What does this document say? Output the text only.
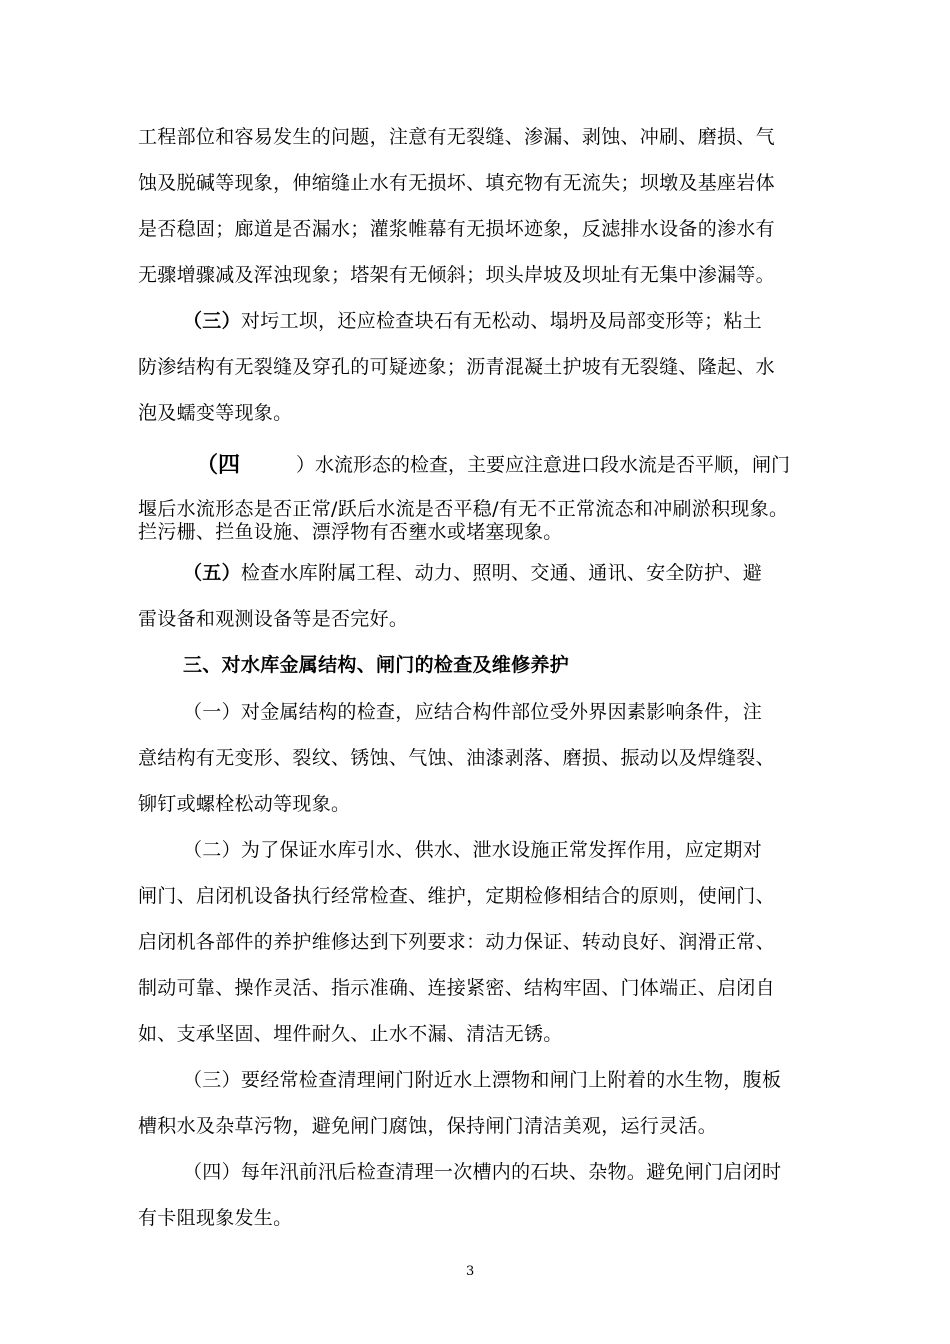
工程部位和容易发生的问题，注意有无裂缝、渗漏、剥蚀、冲刷、磨损、气
蚀及脱碱等现象，伸缩缝止水有无损坏、填充物有无流失；坝墩及基座岩体
是否稳固；廊道是否漏水；灌浆帷幕有无损坏迹象，反滤排水设备的渗水有
无骤增骤减及浑浊现象；塔架有无倾斜；坝头岸坡及坝址有无集中渗漏等。
（三）对圬工坝，还应检查块石有无松动、塌坍及局部变形等；粘土
防渗结构有无裂缝及穿孔的可疑迹象；沥青混凝土护坡有无裂缝、隆起、水
泡及蠕变等现象。
（四	）水流形态的检查，主要应注意进口段水流是否平顺，闸门
堰后水流形态是否正常/跃后水流是否平稳/有无不正常流态和冲刷淤积现象。
拦污栅、拦鱼设施、漂浮物有否壅水或堵塞现象。
（五）检查水库附属工程、动力、照明、交通、通讯、安全防护、避
雷设备和观测设备等是否完好。
三、对水库金属结构、闸门的检查及维修养护
（一）对金属结构的检查，应结合构件部位受外界因素影响条件，注
意结构有无变形、裂纹、锈蚀、气蚀、油漆剥落、磨损、振动以及焊缝裂、
铆钉或螺栓松动等现象。
（二）为了保证水库引水、供水、泄水设施正常发挥作用，应定期对
闸门、启闭机设备执行经常检查、维护，定期检修相结合的原则，使闸门、
启闭机各部件的养护维修达到下列要求：动力保证、转动良好、润滑正常、
制动可靠、操作灵活、指示准确、连接紧密、结构牢固、门体端正、启闭自
如、支承坚固、埋件耐久、止水不漏、清洁无锈。
（三）要经常检查清理闸门附近水上漂物和闸门上附着的水生物，腹板
槽积水及杂草污物，避免闸门腐蚀，保持闸门清洁美观，运行灵活。
（四）每年汛前汛后检查清理一次槽内的石块、杂物。避免闸门启闭时
有卡阻现象发生。
3
